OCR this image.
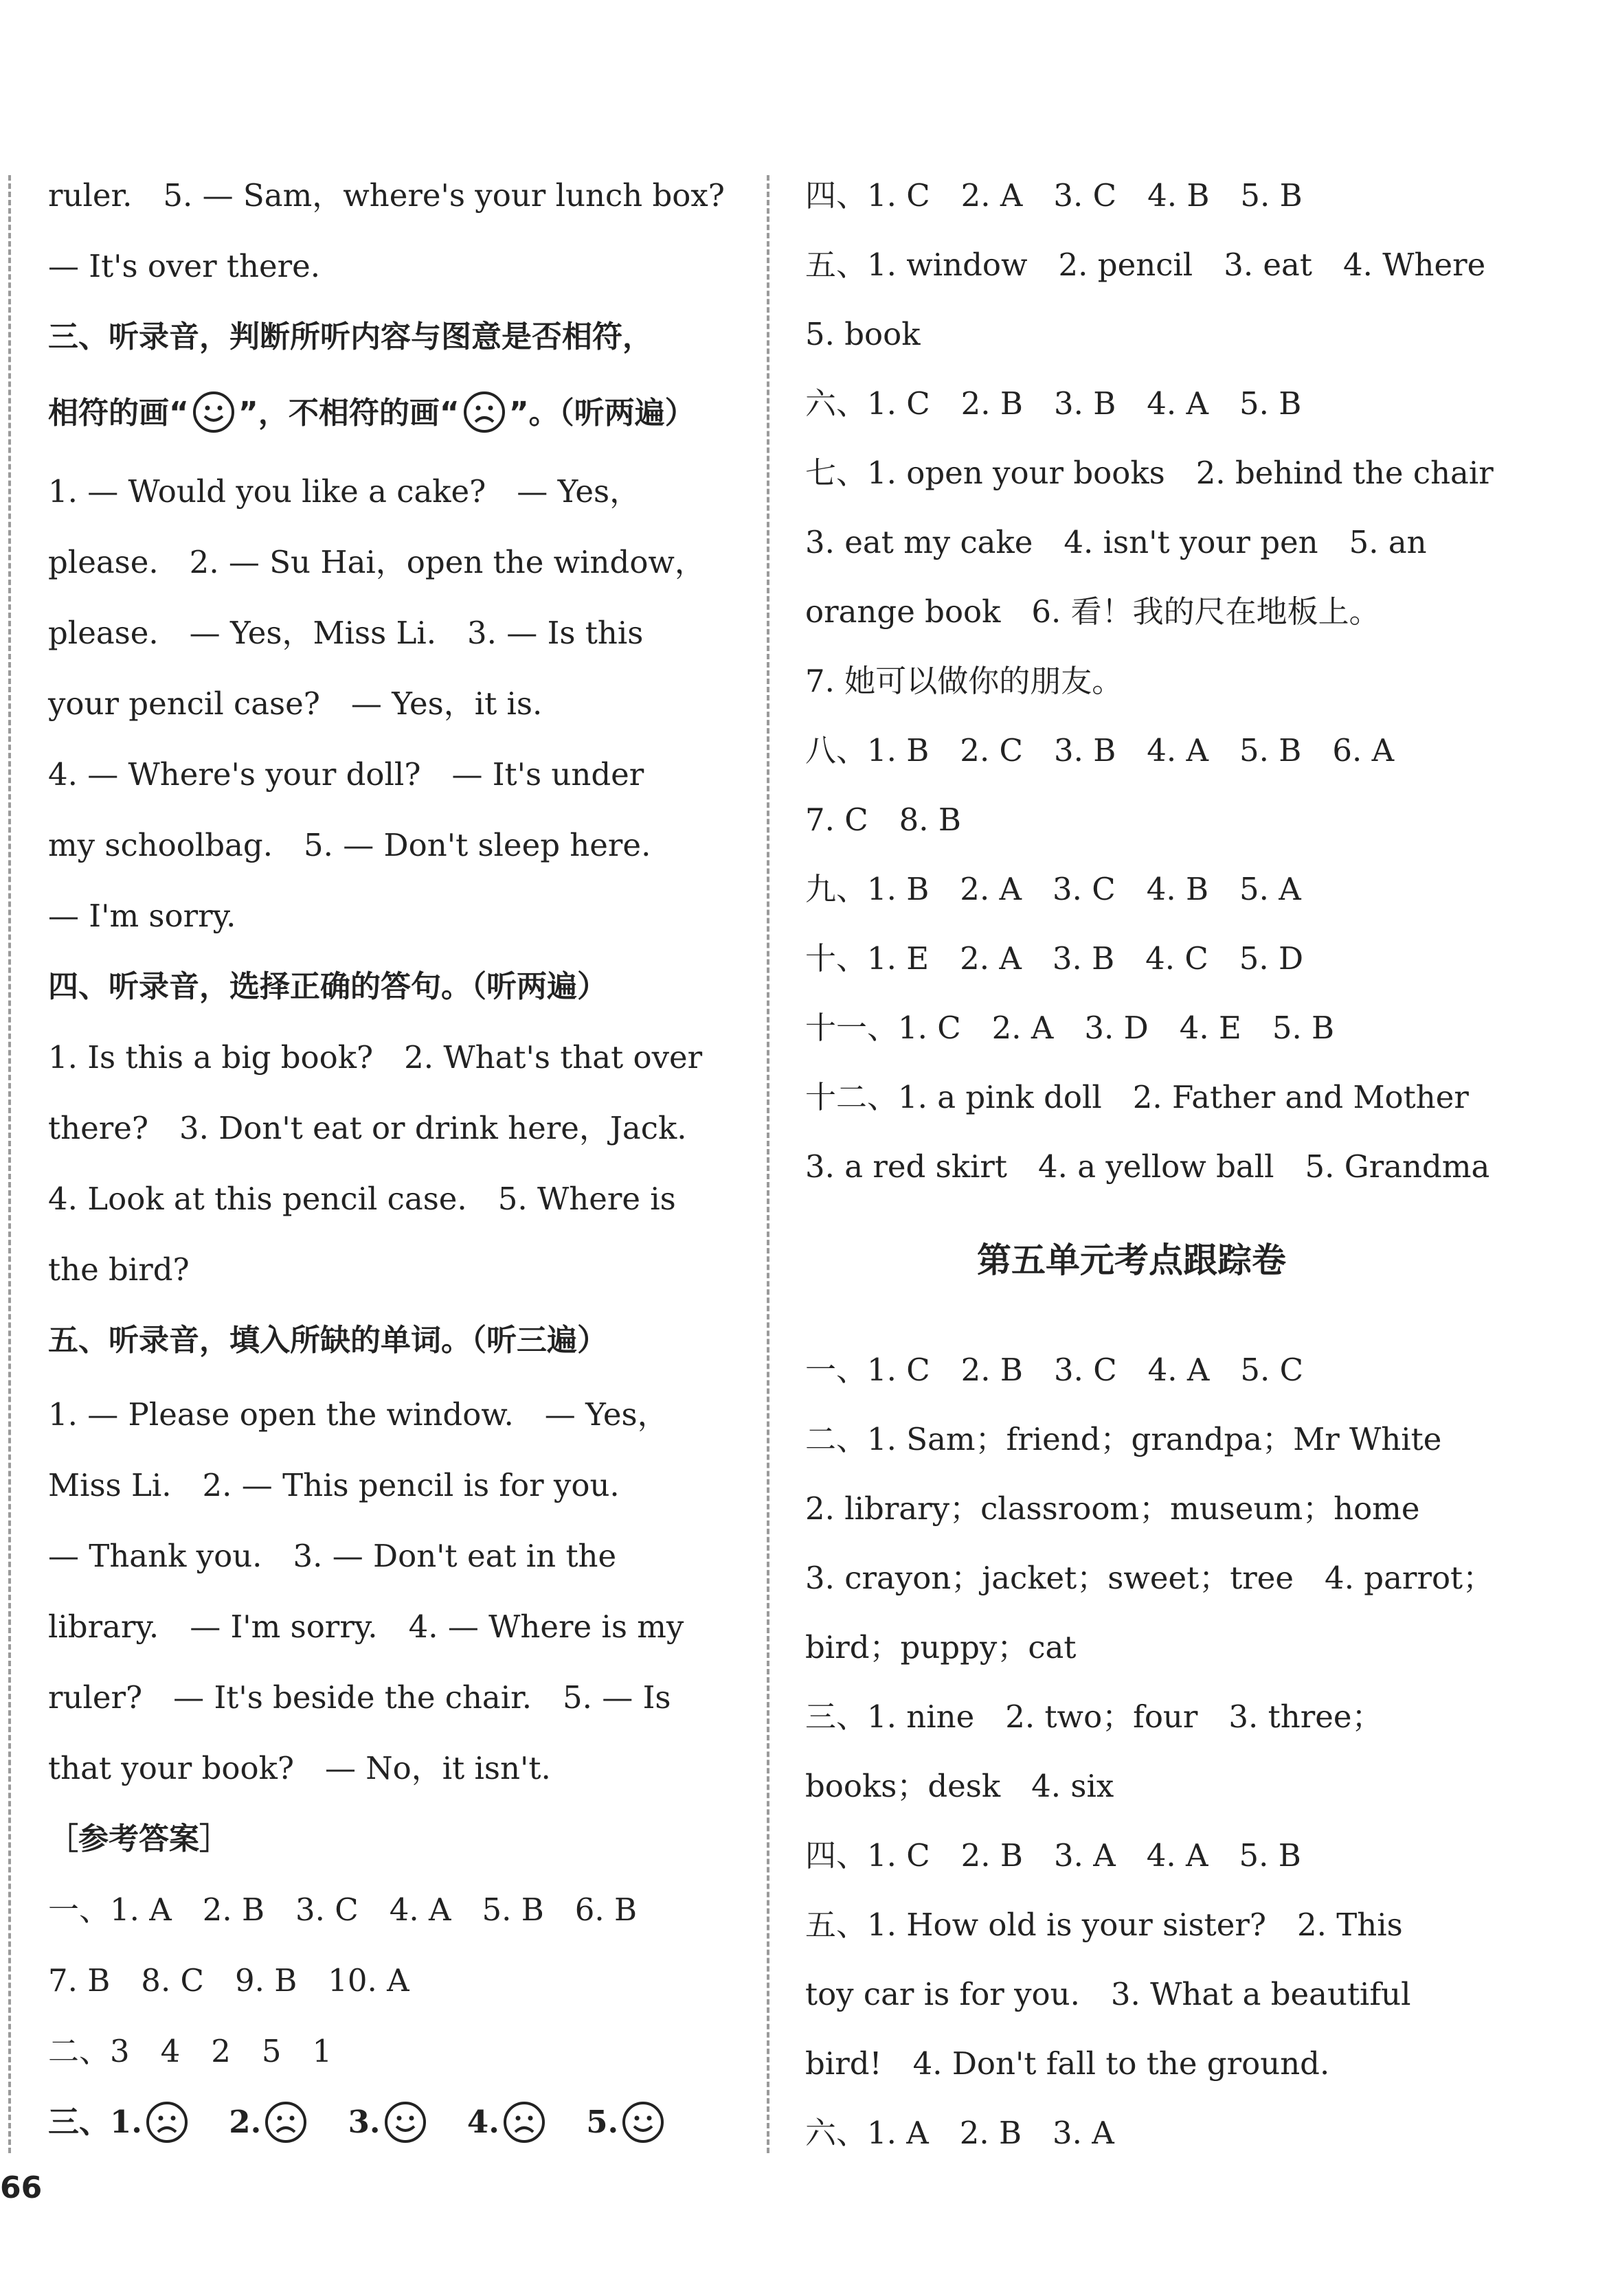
ruler.　5. — Sam，where's your lunch box?
— It's over there.
三、听录音，判断所听内容与图意是否相符，
相符的画“ ”，不相符的画“ ”。（听两遍）
1. — Would you like a cake?　— Yes，
please.　2. — Su Hai，open the window，
please.　— Yes，Miss Li.　3. — Is this
your pencil case?　— Yes，it is.
4. — Where's your doll?　— It's under
my schoolbag.　5. — Don't sleep here.
— I'm sorry.
四、听录音，选择正确的答句。（听两遍）
1. Is this a big book?　2. What's that over
there?　3. Don't eat or drink here，Jack.
4. Look at this pencil case.　5. Where is
the bird?
五、听录音，填入所缺的单词。（听三遍）
1. — Please open the window.　— Yes，
Miss Li.　2. — This pencil is for you.
— Thank you.　3. — Don't eat in the
library.　— I'm sorry.　4. — Where is my
ruler?　— It's beside the chair.　5. — Is
that your book?　— No，it isn't.
［参考答案］
一、1. A　2. B　3. C　4. A　5. B　6. B
7. B　8. C　9. B　10. A
二、3　4　2　5　1
三、1.	2.	3.	4.	5.
四、1. C　2. A　3. C　4. B　5. B
五、1. window　2. pencil　3. eat　4. Where
5. book
六、1. C　2. B　3. B　4. A　5. B
七、1. open your books　2. behind the chair
3. eat my cake　4. isn't your pen　5. an
orange book　6. 看！我的尺在地板上。
7. 她可以做你的朋友。
八、1. B　2. C　3. B　4. A　5. B　6. A
7. C　8. B
九、1. B　2. A　3. C　4. B　5. A
十、1. E　2. A　3. B　4. C　5. D
十一、1. C　2. A　3. D　4. E　5. B
十二、1. a pink doll　2. Father and Mother
3. a red skirt　4. a yellow ball　5. Grandma
第五单元考点跟踪卷
一、1. C　2. B　3. C　4. A　5. C
二、1. Sam；friend；grandpa；Mr White
2. library；classroom；museum；home
3. crayon；jacket；sweet；tree　4. parrot；
bird；puppy；cat
三、1. nine　2. two；four　3. three；
books；desk　4. six
四、1. C　2. B　3. A　4. A　5. B
五、1. How old is your sister?　2. This
toy car is for you.　3. What a beautiful
bird!　4. Don't fall to the ground.
六、1. A　2. B　3. A
66
